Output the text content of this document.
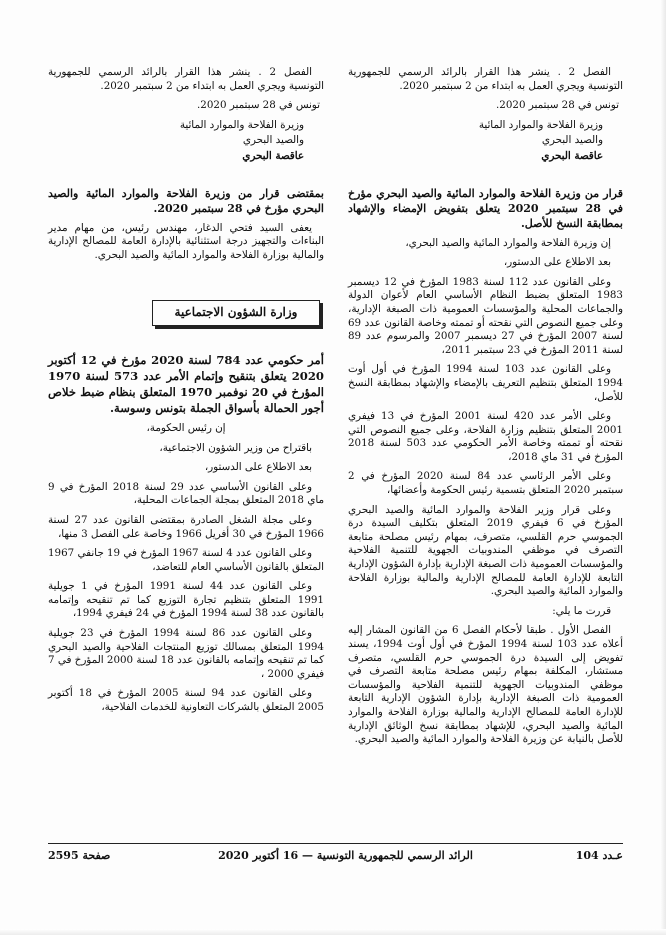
الفصل 2 . ينشر هذا القرار بالرائد الرسمي للجمهورية التونسية ويجري العمل به ابتداء من 2 سبتمبر 2020.

تونس في 28 سبتمبر 2020.

وزيرة الفلاحة والموارد المائية

والصيد البحري

عاقصة البحري

قرار من وزيرة الفلاحة والموارد المائية والصيد البحري مؤرخ في 28 سبتمبر 2020 يتعلق بتفويض الإمضاء والإشهاد بمطابقة النسخ للأصل.

إن وزيرة الفلاحة والموارد المائية والصيد البحري،

بعد الاطلاع على الدستور،

وعلى القانون عدد 112 لسنة 1983 المؤرخ في 12 ديسمبر 1983 المتعلق بضبط النظام الأساسي العام لأعوان الدولة والجماعات المحلية والمؤسسات العمومية ذات الصبغة الإدارية، وعلى جميع النصوص التي نقحته أو تممته وخاصة القانون عدد 69 لسنة 2007 المؤرخ في 27 ديسمبر 2007 والمرسوم عدد 89 لسنة 2011 المؤرخ في 23 سبتمبر 2011،

وعلى القانون عدد 103 لسنة 1994 المؤرخ في أول أوت 1994 المتعلق بتنظيم التعريف بالإمضاء والإشهاد بمطابقة النسخ للأصل،

وعلى الأمر عدد 420 لسنة 2001 المؤرخ في 13 فيفري 2001 المتعلق بتنظيم وزارة الفلاحة، وعلى جميع النصوص التي نقحته أو تممته وخاصة الأمر الحكومي عدد 503 لسنة 2018 المؤرخ في 31 ماي 2018،

وعلى الأمر الرئاسي عدد 84 لسنة 2020 المؤرخ في 2 سبتمبر 2020 المتعلق بتسمية رئيس الحكومة وأعضائها،

وعلى قرار وزير الفلاحة والموارد المائية والصيد البحري المؤرخ في 6 فيفري 2019 المتعلق بتكليف السيدة درة الجموسي حرم القلسي، متصرف، بمهام رئيس مصلحة متابعة التصرف في موظفي المندوبيات الجهوية للتنمية الفلاحية والمؤسسات العمومية ذات الصبغة الإدارية بإدارة الشؤون الإدارية التابعة للإدارة العامة للمصالح الإدارية والمالية بوزارة الفلاحة والموارد المائية والصيد البحري.

قررت ما يلي:

الفصل الأول . طبقا لأحكام الفصل 6 من القانون المشار إليه أعلاه عدد 103 لسنة 1994 المؤرخ في أول أوت 1994، يسند تفويض إلى السيدة درة الجموسي حرم القلسي، متصرف مستشار، المكلفة بمهام رئيس مصلحة متابعة التصرف في موظفي المندوبيات الجهوية للتنمية الفلاحية والمؤسسات العمومية ذات الصبغة الإدارية بإدارة الشؤون الإدارية التابعة للإدارة العامة للمصالح الإدارية والمالية بوزارة الفلاحة والموارد المائية والصيد البحري، للإشهاد بمطابقة نسخ الوثائق الإدارية للأصل بالنيابة عن وزيرة الفلاحة والموارد المائية والصيد البحري.

الفصل 2 . ينشر هذا القرار بالرائد الرسمي للجمهورية التونسية ويجري العمل به ابتداء من 2 سبتمبر 2020.

تونس في 28 سبتمبر 2020.

وزيرة الفلاحة والموارد المائية

والصيد البحري

عاقصة البحري

بمقتضى قرار من وزيرة الفلاحة والموارد المائية والصيد البحري مؤرخ في 28 سبتمبر 2020.

يعفى السيد فتحي الدغار، مهندس رئيس، من مهام مدير البناءات والتجهيز درجة استثنائية بالإدارة العامة للمصالح الإدارية والمالية بوزارة الفلاحة والموارد المائية والصيد البحري.

وزارة الشؤون الاجتماعية

أمر حكومي عدد 784 لسنة 2020 مؤرخ في 12 أكتوبر 2020 يتعلق بتنقيح وإتمام الأمر عدد 573 لسنة 1970 المؤرخ في 20 نوفمبر 1970 المتعلق بنظام ضبط خلاص أجور الحمالة بأسواق الجملة بتونس وسوسة.

إن رئيس الحكومة،

باقتراح من وزير الشؤون الاجتماعية،

بعد الاطلاع على الدستور،

وعلى القانون الأساسي عدد 29 لسنة 2018 المؤرخ في 9 ماي 2018 المتعلق بمجلة الجماعات المحلية،

وعلى مجلة الشغل الصادرة بمقتضى القانون عدد 27 لسنة 1966 المؤرخ في 30 أفريل 1966 وخاصة على الفصل 3 منها،

وعلى القانون عدد 4 لسنة 1967 المؤرخ في 19 جانفي 1967 المتعلق بالقانون الأساسي العام للتعاضد،

وعلى القانون عدد 44 لسنة 1991 المؤرخ في 1 جويلية 1991 المتعلق بتنظيم تجارة التوزيع كما تم تنقيحه وإتمامه بالقانون عدد 38 لسنة 1994 المؤرخ في 24 فيفري 1994،

وعلى القانون عدد 86 لسنة 1994 المؤرخ في 23 جويلية 1994 المتعلق بمسالك توزيع المنتجات الفلاحية والصيد البحري كما تم تنقيحه وإتمامه بالقانون عدد 18 لسنة 2000 المؤرخ في 7 فيفري 2000 ،

وعلى القانون عدد 94 لسنة 2005 المؤرخ في 18 أكتوبر 2005 المتعلق بالشركات التعاونية للخدمات الفلاحية،

عـدد 104
الرائد الرسمي للجمهورية التونسية — 16 أكتوبر 2020
صفحة 2595
